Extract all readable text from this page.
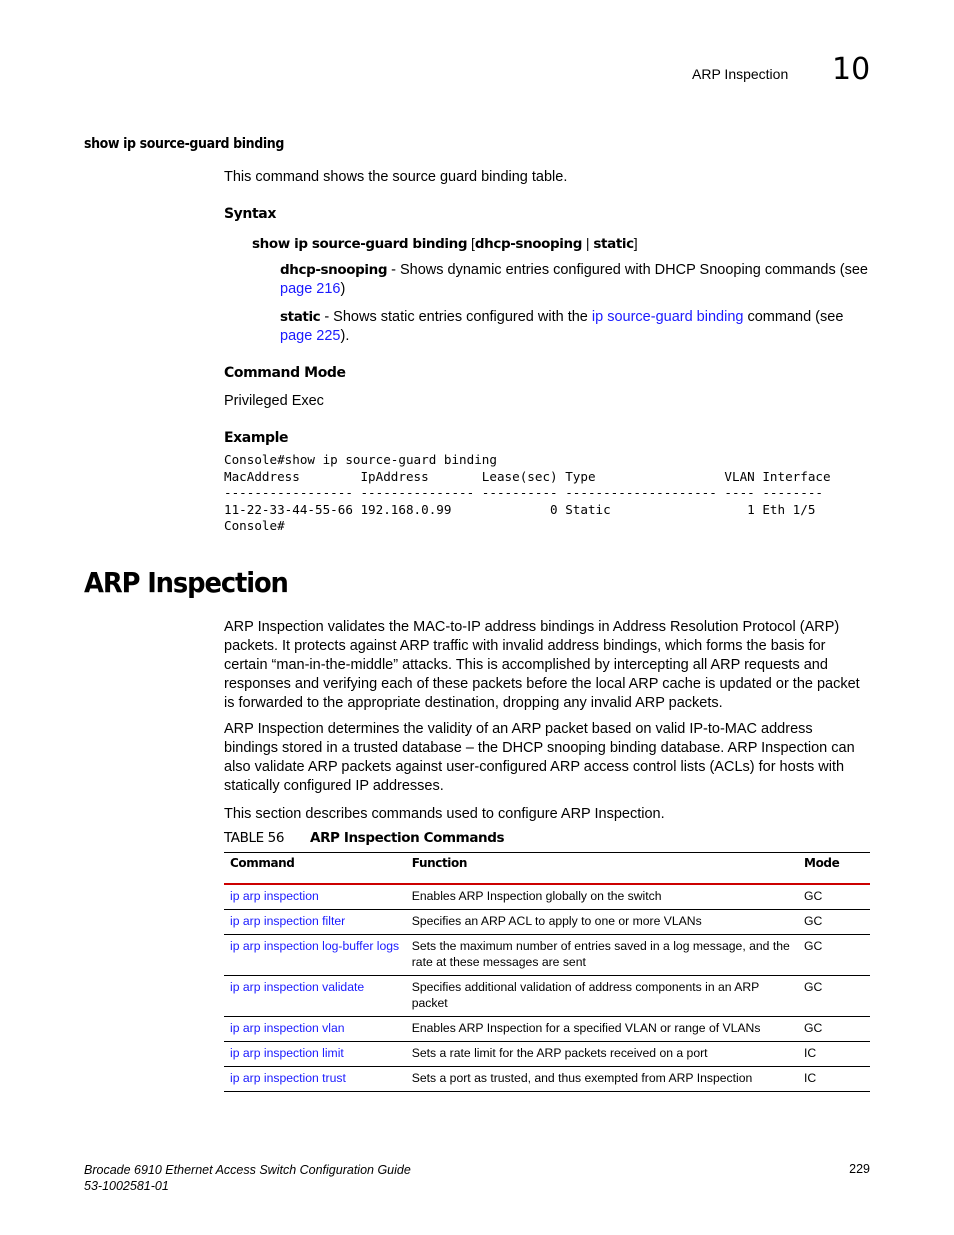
ARP Inspection 10
show ip source-guard binding
This command shows the source guard binding table.
Syntax
show ip source-guard binding [dhcp-snooping | static]
dhcp-snooping - Shows dynamic entries configured with DHCP Snooping commands (see page 216)
static - Shows static entries configured with the ip source-guard binding command (see page 225).
Command Mode
Privileged Exec
Example
Console#show ip source-guard binding
MacAddress        IpAddress       Lease(sec) Type                 VLAN Interface
----------------- --------------- ---------- -------------------- ---- --------
11-22-33-44-55-66 192.168.0.99             0 Static                  1 Eth 1/5
Console#
ARP Inspection
ARP Inspection validates the MAC-to-IP address bindings in Address Resolution Protocol (ARP) packets. It protects against ARP traffic with invalid address bindings, which forms the basis for certain “man-in-the-middle” attacks. This is accomplished by intercepting all ARP requests and responses and verifying each of these packets before the local ARP cache is updated or the packet is forwarded to the appropriate destination, dropping any invalid ARP packets.
ARP Inspection determines the validity of an ARP packet based on valid IP-to-MAC address bindings stored in a trusted database – the DHCP snooping binding database. ARP Inspection can also validate ARP packets against user-configured ARP access control lists (ACLs) for hosts with statically configured IP addresses.
This section describes commands used to configure ARP Inspection.
TABLE 56 ARP Inspection Commands
Command	Function	Mode
ip arp inspection	Enables ARP Inspection globally on the switch	GC
ip arp inspection filter	Specifies an ARP ACL to apply to one or more VLANs	GC
ip arp inspection log-buffer logs	Sets the maximum number of entries saved in a log message, and the rate at these messages are sent	GC
ip arp inspection validate	Specifies additional validation of address components in an ARP packet	GC
ip arp inspection vlan	Enables ARP Inspection for a specified VLAN or range of VLANs	GC
ip arp inspection limit	Sets a rate limit for the ARP packets received on a port	IC
ip arp inspection trust	Sets a port as trusted, and thus exempted from ARP Inspection	IC
Brocade 6910 Ethernet Access Switch Configuration Guide
53-1002581-01
229
